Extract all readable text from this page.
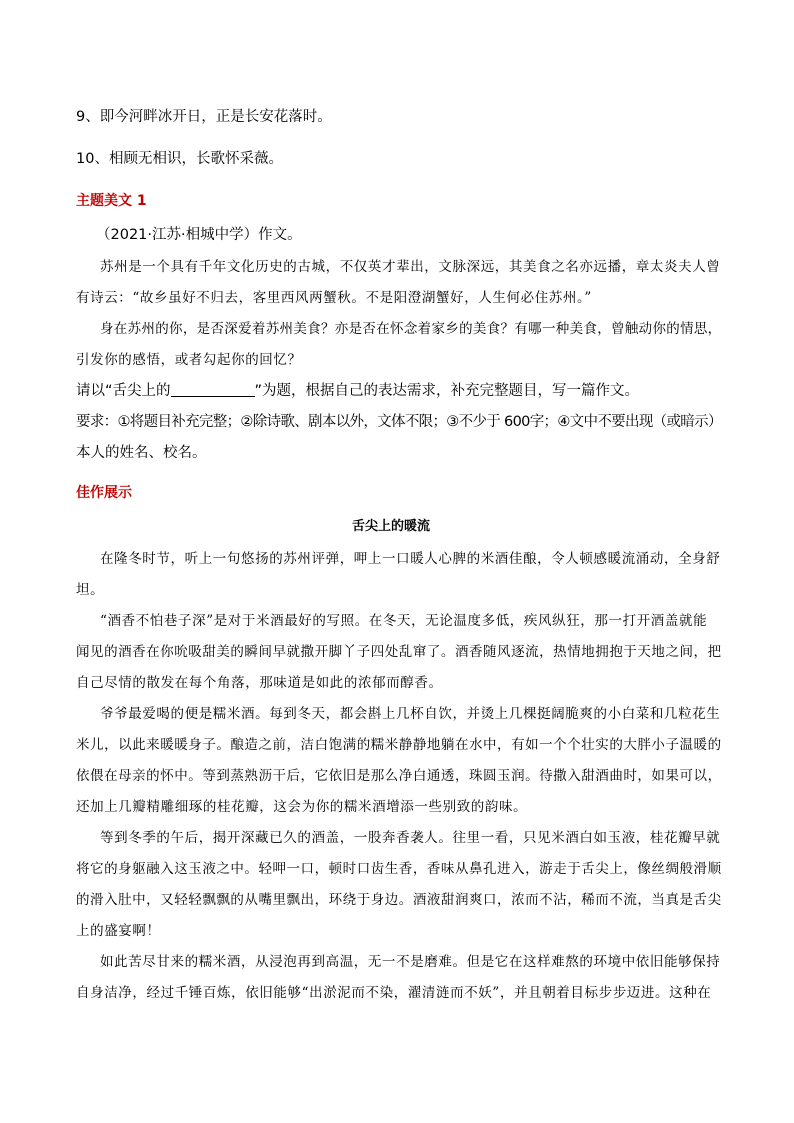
9、即今河畔冰开日，正是长安花落时。
10、相顾无相识，长歌怀采薇。
主题美文 1
（2021·江苏·相城中学）作文。
苏州是一个具有千年文化历史的古城，不仅英才辈出，文脉深远，其美食之名亦远播，章太炎夫人曾
有诗云：“故乡虽好不归去，客里西风两蟹秋。不是阳澄湖蟹好，人生何必住苏州。”
身在苏州的你，是否深爱着苏州美食？亦是否在怀念着家乡的美食？有哪一种美食，曾触动你的情思，
引发你的感悟，或者勾起你的回忆？
请以“舌尖上的	”为题，根据自己的表达需求，补充完整题目，写一篇作文。
要求：①将题目补充完整；②除诗歌、剧本以外，文体不限；③不少于 600字；④文中不要出现（或暗示）
本人的姓名、校名。
佳作展示
舌尖上的暖流
在隆冬时节，听上一句悠扬的苏州评弹，呷上一口暖人心脾的米酒佳酿，令人顿感暖流涌动，全身舒
坦。
“酒香不怕巷子深”是对于米酒最好的写照。在冬天，无论温度多低，疾风纵狂，那一打开酒盖就能
闻见的酒香在你吮吸甜美的瞬间早就撒开脚丫子四处乱窜了。酒香随风逐流，热情地拥抱于天地之间，把
自己尽情的散发在每个角落，那味道是如此的浓郁而醇香。
爷爷最爱喝的便是糯米酒。每到冬天，都会斟上几杯自饮，并烫上几棵挺阔脆爽的小白菜和几粒花生
米儿，以此来暖暖身子。酿造之前，洁白饱满的糯米静静地躺在水中，有如一个个壮实的大胖小子温暖的
依偎在母亲的怀中。等到蒸熟沥干后，它依旧是那么净白通透，珠圆玉润。待撒入甜酒曲时，如果可以，
还加上几瓣精雕细琢的桂花瓣，这会为你的糯米酒增添一些别致的韵味。
等到冬季的午后，揭开深藏已久的酒盖，一股奔香袭人。往里一看，只见米酒白如玉液，桂花瓣早就
将它的身躯融入这玉液之中。轻呷一口，顿时口齿生香，香味从鼻孔进入，游走于舌尖上，像丝绸般滑顺
的滑入肚中，又轻轻飘飘的从嘴里飘出，环绕于身边。酒液甜润爽口，浓而不沾，稀而不流，当真是舌尖
上的盛宴啊！
如此苦尽甘来的糯米酒，从浸泡再到高温，无一不是磨难。但是它在这样难熬的环境中依旧能够保持
自身洁净，经过千锤百炼，依旧能够“出淤泥而不染，濯清涟而不妖”，并且朝着目标步步迈进。这种在
